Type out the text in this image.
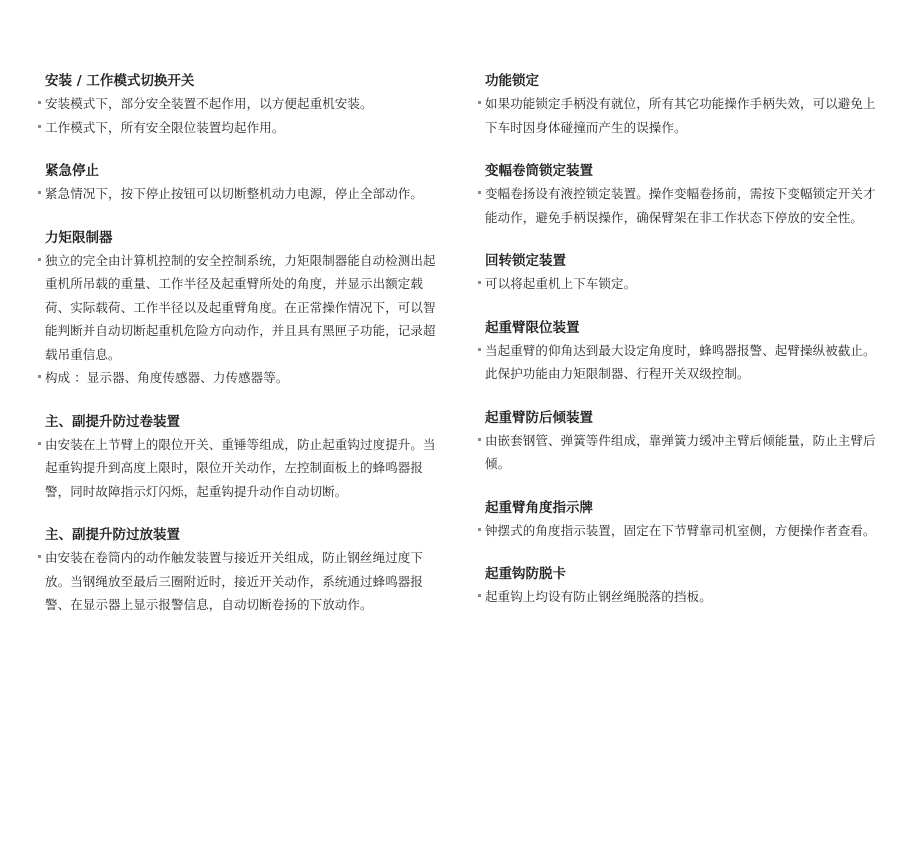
安装 / 工作模式切换开关
安装模式下，部分安全装置不起作用，以方便起重机安装。
工作模式下，所有安全限位装置均起作用。
紧急停止
紧急情况下，按下停止按钮可以切断整机动力电源，停止全部动作。
力矩限制器
独立的完全由计算机控制的安全控制系统，力矩限制器能自动检测出起重机所吊载的重量、工作半径及起重臂所处的角度，并显示出额定载荷、实际载荷、工作半径以及起重臂角度。在正常操作情况下，可以智能判断并自动切断起重机危险方向动作，并且具有黑匣子功能，记录超载吊重信息。
构成 ：显示器、角度传感器、力传感器等。
主、副提升防过卷装置
由安装在上节臂上的限位开关、重锤等组成，防止起重钩过度提升。当起重钩提升到高度上限时，限位开关动作，左控制面板上的蜂鸣器报警，同时故障指示灯闪烁，起重钩提升动作自动切断。
主、副提升防过放装置
由安装在卷筒内的动作触发装置与接近开关组成，防止钢丝绳过度下放。当钢绳放至最后三圈附近时，接近开关动作，系统通过蜂鸣器报警、在显示器上显示报警信息，自动切断卷扬的下放动作。
功能锁定
如果功能锁定手柄没有就位，所有其它功能操作手柄失效，可以避免上下车时因身体碰撞而产生的误操作。
变幅卷筒锁定装置
变幅卷扬设有液控锁定装置。操作变幅卷扬前，需按下变幅锁定开关才能动作，避免手柄误操作，确保臂架在非工作状态下停放的安全性。
回转锁定装置
可以将起重机上下车锁定。
起重臂限位装置
当起重臂的仰角达到最大设定角度时，蜂鸣器报警、起臂操纵被截止。此保护功能由力矩限制器、行程开关双级控制。
起重臂防后倾装置
由嵌套钢管、弹簧等件组成，靠弹簧力缓冲主臂后倾能量，防止主臂后倾。
起重臂角度指示牌
钟摆式的角度指示装置，固定在下节臂靠司机室侧，方便操作者查看。
起重钩防脱卡
起重钩上均设有防止钢丝绳脱落的挡板。
